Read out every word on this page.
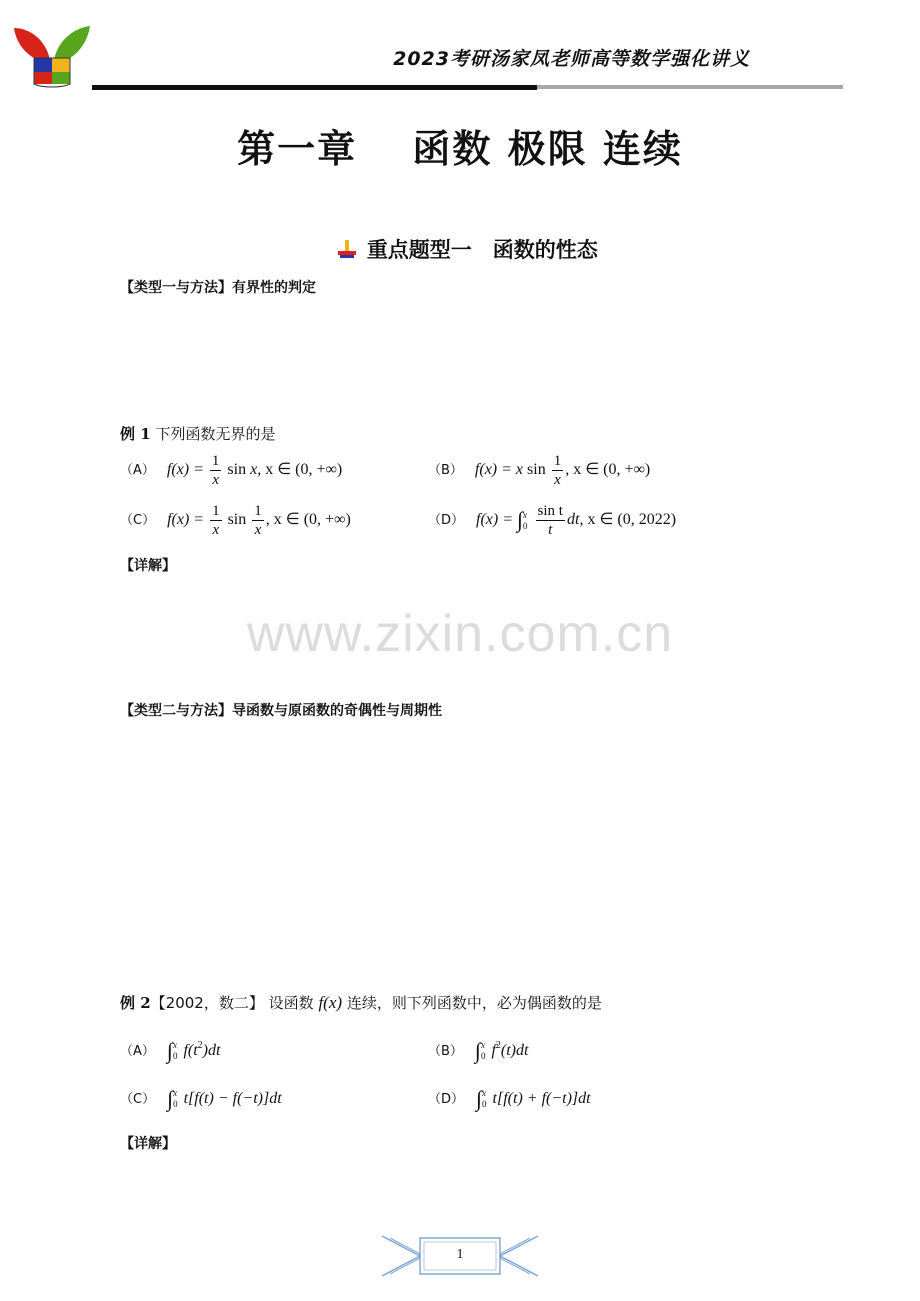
2023考研汤家凤老师高等数学强化讲义
第一章　 函数 极限 连续

重点题型一　函数的性态

【类型一与方法】有界性的判定
例 1 下列函数无界的是
（A） $f(x) = \frac{1}{x}$ sin x, x ∈ (0, +∞)	（B） f(x) = x $\sin \frac{1}{x}$ , x ∈ (0, +∞)
（C） $f(x) = \frac{1}{x}$ $\sin \frac{1}{x}$ , x ∈ (0, +∞)	（D） f(x) = ∫ x
0
$\frac{\text{sin t}}{t}$ dt, x ∈ (0, 2022)
【详解】
www.zixin.com.cn
【类型二与方法】导函数与原函数的奇偶性与周期性
例 2【2002，数二】 设函数 f(x) 连续，则下列函数中，必为偶函数的是
（A） ∫ x
0 $f(t^2)dt$	（B） ∫ x
0 $f^2(t)dt$
（C） ∫ x
0 t[f(t) − f(−t)]dt	（D） ∫ x
0 t[f(t) + f(−t)]dt
【详解】
1
